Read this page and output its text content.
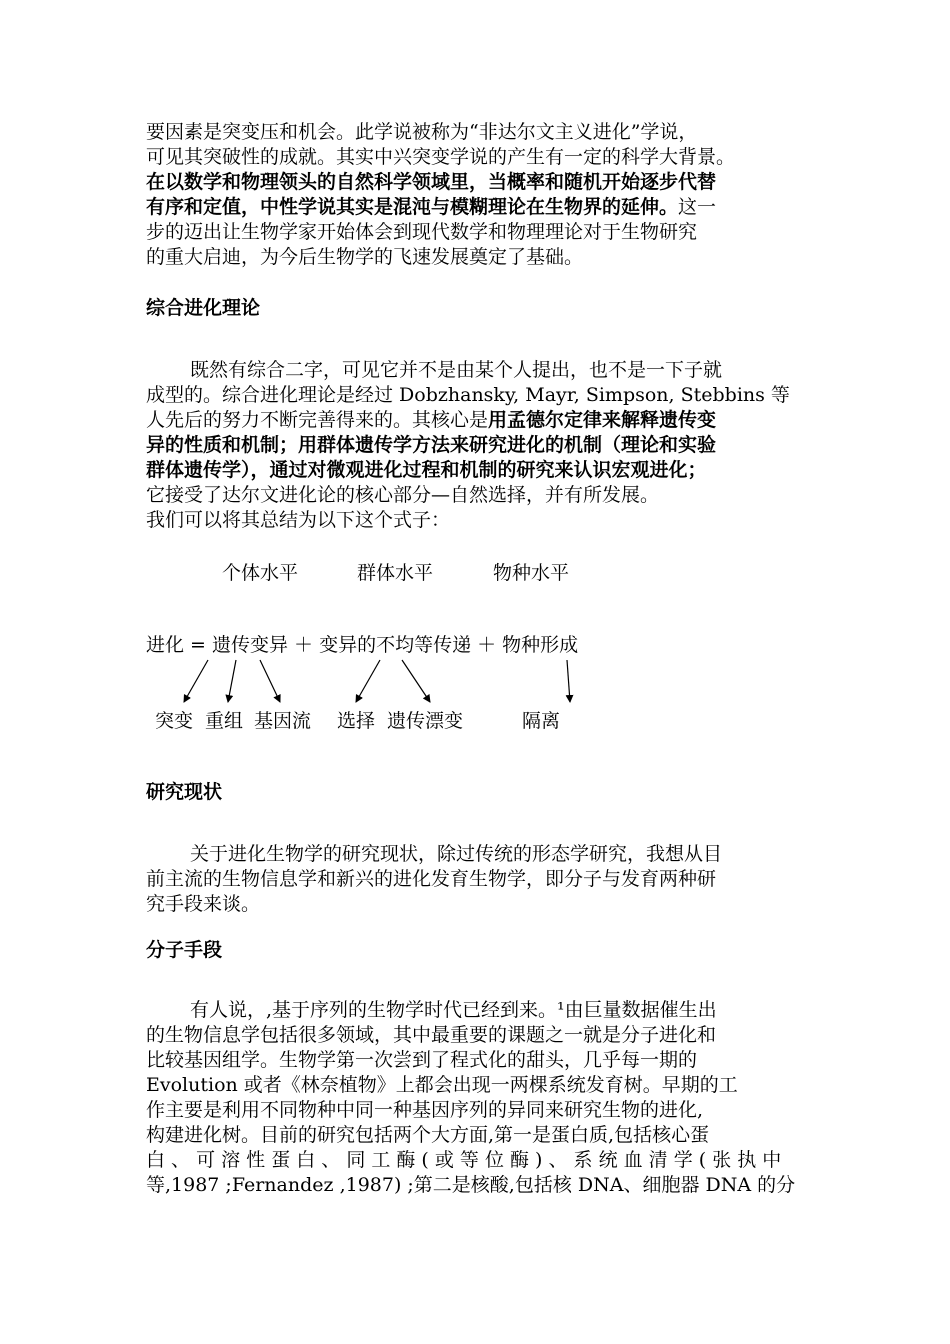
要因素是突变压和机会。此学说被称为“非达尔文主义进化”学说，
可见其突破性的成就。其实中兴突变学说的产生有一定的科学大背景。
在以数学和物理领头的自然科学领域里，当概率和随机开始逐步代替
有序和定值，中性学说其实是混沌与模糊理论在生物界的延伸。这一
步的迈出让生物学家开始体会到现代数学和物理理论对于生物研究
的重大启迪，为今后生物学的飞速发展奠定了基础。
综合进化理论
既然有综合二字，可见它并不是由某个人提出，也不是一下子就
成型的。综合进化理论是经过 Dobzhansky, Mayr, Simpson, Stebbins 等
人先后的努力不断完善得来的。其核心是用孟德尔定律来解释遗传变
异的性质和机制；用群体遗传学方法来研究进化的机制（理论和实验
群体遗传学），通过对微观进化过程和机制的研究来认识宏观进化；
它接受了达尔文进化论的核心部分—自然选择，并有所发展。
我们可以将其总结为以下这个式子：
个体水平	群体水平	物种水平
进化 = 遗传变异 ＋ 变异的不均等传递 ＋ 物种形成
突变 重组 基因流 选择 遗传漂变	隔离
研究现状
关于进化生物学的研究现状，除过传统的形态学研究，我想从目
前主流的生物信息学和新兴的进化发育生物学，即分子与发育两种研
究手段来谈。
分子手段
有人说，,基于序列的生物学时代已经到来。¹由巨量数据催生出
的生物信息学包括很多领域，其中最重要的课题之一就是分子进化和
比较基因组学。生物学第一次尝到了程式化的甜头，几乎每一期的
Evolution 或者《林奈植物》上都会出现一两棵系统发育树。早期的工
作主要是利用不同物种中同一种基因序列的异同来研究生物的进化,
构建进化树。目前的研究包括两个大方面,第一是蛋白质,包括核心蛋
白 、 可 溶 性 蛋 白 、 同 工 酶 ( 或 等 位 酶 ) 、 系 统 血 清 学 ( 张 执 中
等,1987 ;Fernandez ,1987) ;第二是核酸,包括核 DNA、细胞器 DNA 的分
